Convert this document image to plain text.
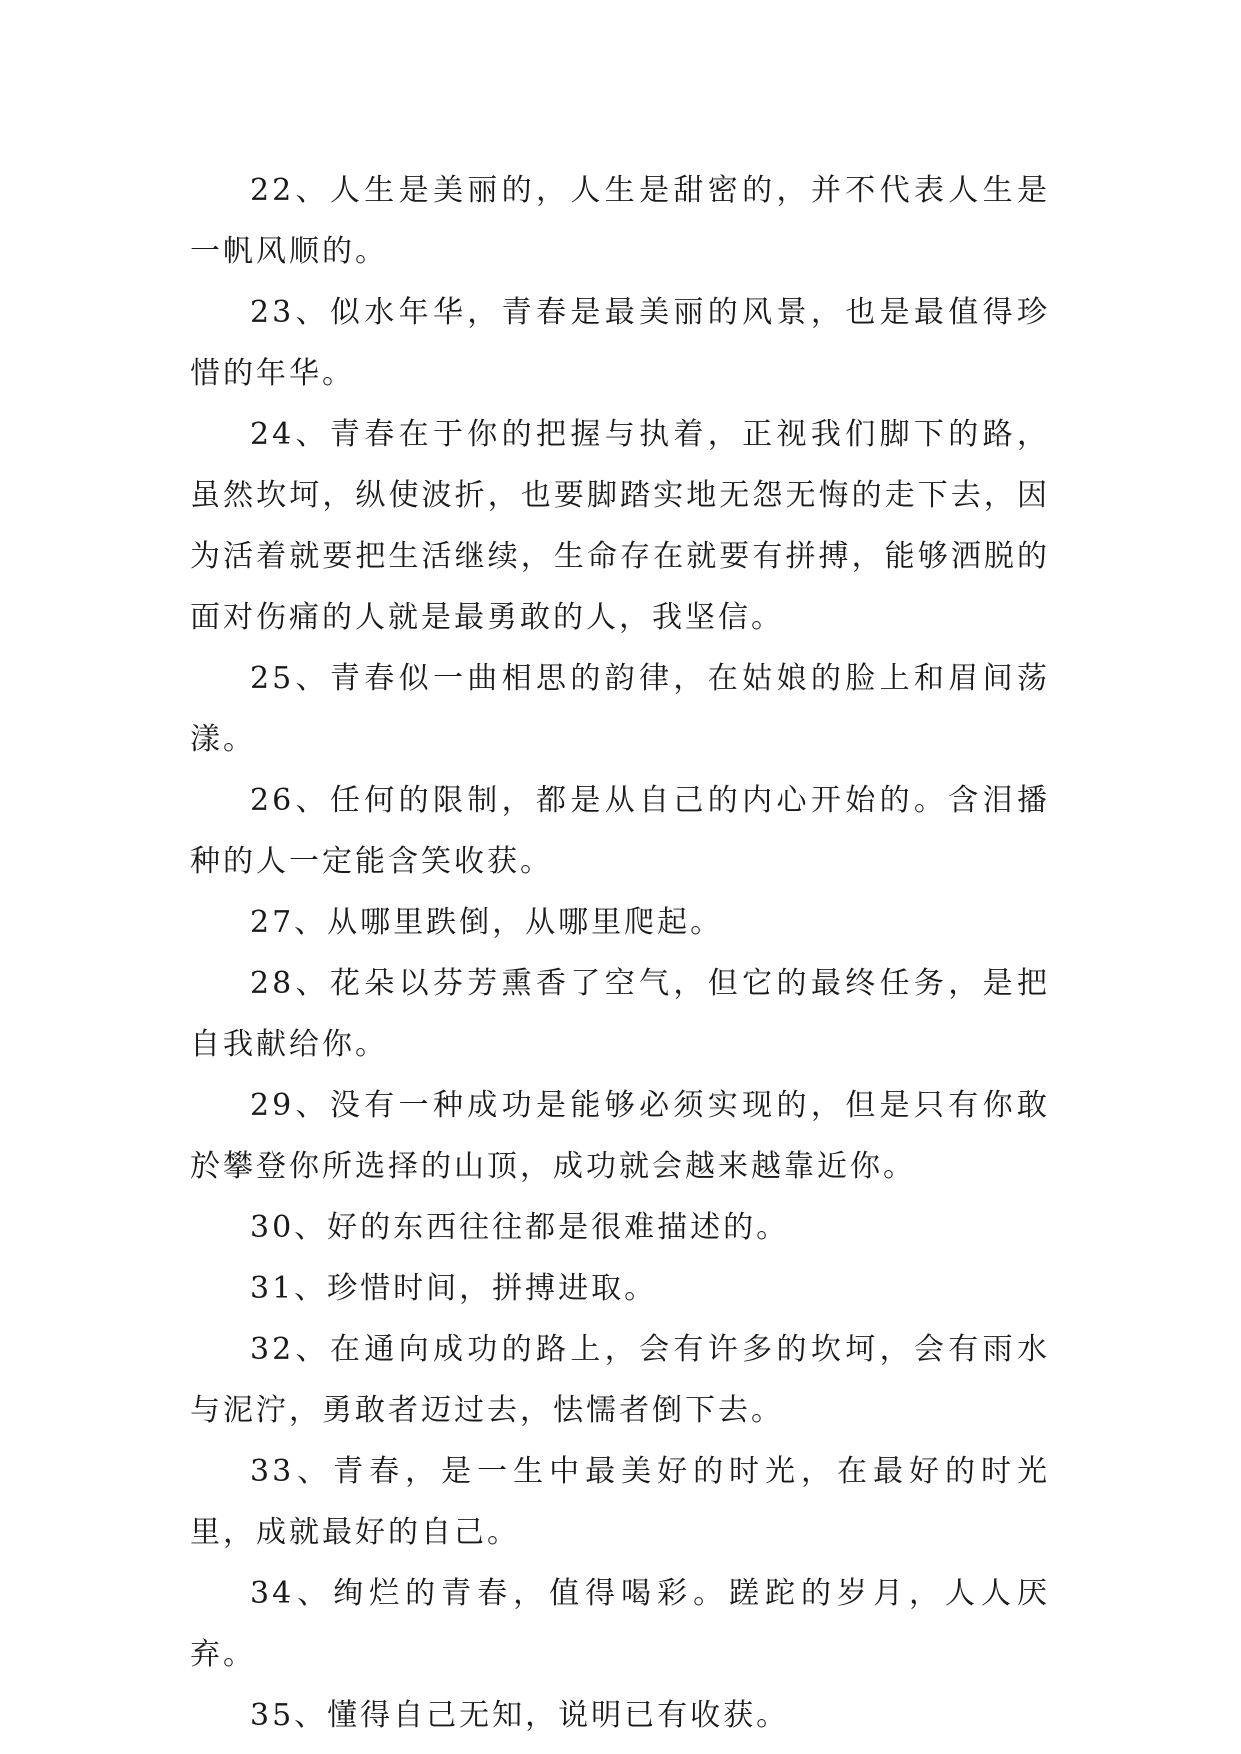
22、人生是美丽的，人生是甜密的，并不代表人生是一帆风顺的。

23、似水年华，青春是最美丽的风景，也是最值得珍惜的年华。

24、青春在于你的把握与执着，正视我们脚下的路，虽然坎坷，纵使波折，也要脚踏实地无怨无悔的走下去，因为活着就要把生活继续，生命存在就要有拼搏，能够洒脱的面对伤痛的人就是最勇敢的人，我坚信。

25、青春似一曲相思的韵律，在姑娘的脸上和眉间荡漾。

26、任何的限制，都是从自己的内心开始的。含泪播种的人一定能含笑收获。

27、从哪里跌倒，从哪里爬起。

28、花朵以芬芳熏香了空气，但它的最终任务，是把自我献给你。

29、没有一种成功是能够必须实现的，但是只有你敢於攀登你所选择的山顶，成功就会越来越靠近你。

30、好的东西往往都是很难描述的。

31、珍惜时间，拼搏进取。

32、在通向成功的路上，会有许多的坎坷，会有雨水与泥泞，勇敢者迈过去，怯懦者倒下去。

33、青春，是一生中最美好的时光，在最好的时光里，成就最好的自己。

34、绚烂的青春，值得喝彩。蹉跎的岁月，人人厌弃。

35、懂得自己无知，说明已有收获。
